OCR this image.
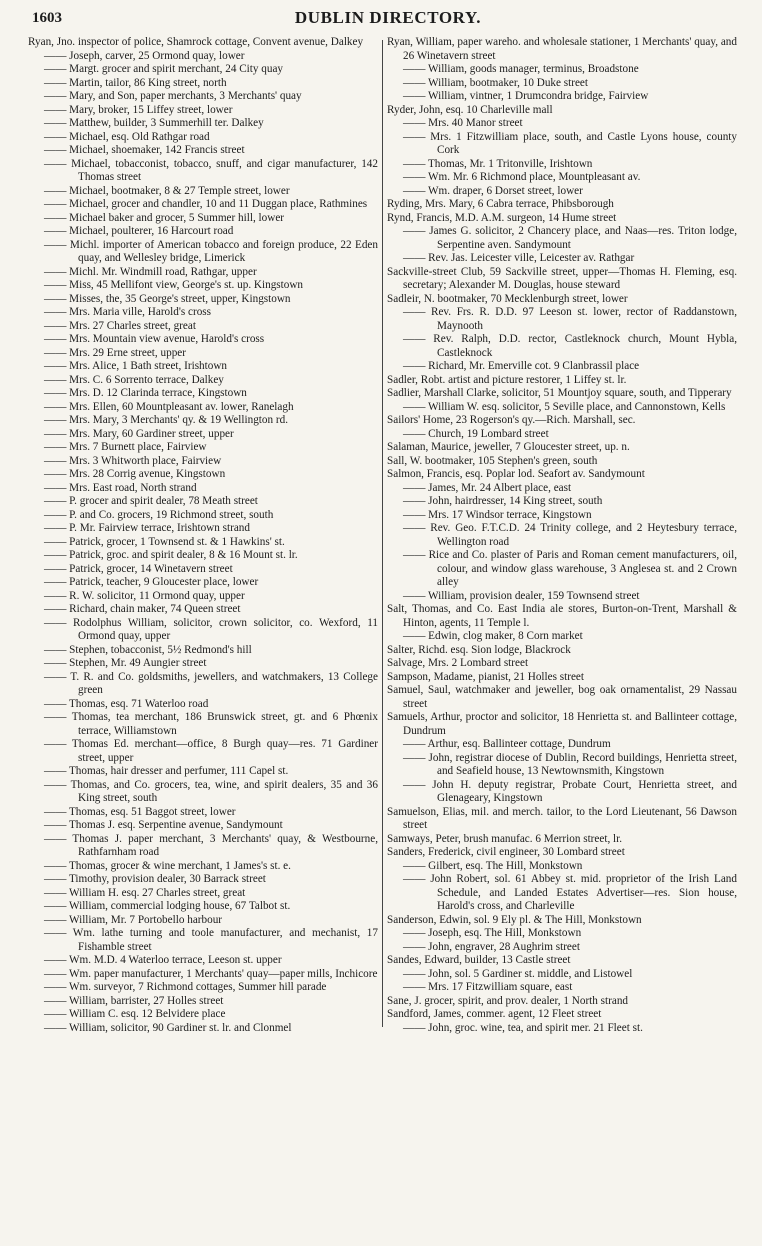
1603	DUBLIN DIRECTORY.
Ryan, Jno. inspector of police, Shamrock cottage, Convent avenue, Dalkey
—— Joseph, carver, 25 Ormond quay, lower
—— Margt. grocer and spirit merchant, 24 City quay
—— Martin, tailor, 86 King street, north
—— Mary, and Son, paper merchants, 3 Merchants' quay
—— Mary, broker, 15 Liffey street, lower
—— Matthew, builder, 3 Summerhill ter. Dalkey
—— Michael, esq. Old Rathgar road
—— Michael, shoemaker, 142 Francis street
—— Michael, tobacconist, tobacco, snuff, and cigar manufacturer, 142 Thomas street
—— Michael, bootmaker, 8 & 27 Temple street, lower
—— Michael, grocer and chandler, 10 and 11 Duggan place, Rathmines
—— Michael baker and grocer, 5 Summer hill, lower
—— Michael, poulterer, 16 Harcourt road
—— Michl. importer of American tobacco and foreign produce, 22 Eden quay, and Wellesley bridge, Limerick
—— Michl. Mr. Windmill road, Rathgar, upper
—— Miss, 45 Mellifont view, George's st. up. Kingstown
—— Misses, the, 35 George's street, upper, Kingstown
—— Mrs. Maria ville, Harold's cross
—— Mrs. 27 Charles street, great
—— Mrs. Mountain view avenue, Harold's cross
—— Mrs. 29 Erne street, upper
—— Mrs. Alice, 1 Bath street, Irishtown
—— Mrs. C. 6 Sorrento terrace, Dalkey
—— Mrs. D. 12 Clarinda terrace, Kingstown
—— Mrs. Ellen, 60 Mountpleasant av. lower, Ranelagh
—— Mrs. Mary, 3 Merchants' qy. & 19 Wellington rd.
—— Mrs. Mary, 60 Gardiner street, upper
—— Mrs. 7 Burnett place, Fairview
—— Mrs. 3 Whitworth place, Fairview
—— Mrs. 28 Corrig avenue, Kingstown
—— Mrs. East road, North strand
—— P. grocer and spirit dealer, 78 Meath street
—— P. and Co. grocers, 19 Richmond street, south
—— P. Mr. Fairview terrace, Irishtown strand
—— Patrick, grocer, 1 Townsend st. & 1 Hawkins' st.
—— Patrick, groc. and spirit dealer, 8 & 16 Mount st. lr.
—— Patrick, grocer, 14 Winetavern street
—— Patrick, teacher, 9 Gloucester place, lower
—— R. W. solicitor, 11 Ormond quay, upper
—— Richard, chain maker, 74 Queen street
—— Rodolphus William, solicitor, crown solicitor, co. Wexford, 11 Ormond quay, upper
—— Stephen, tobacconist, 5½ Redmond's hill
—— Stephen, Mr. 49 Aungier street
—— T. R. and Co. goldsmiths, jewellers, and watchmakers, 13 College green
—— Thomas, esq. 71 Waterloo road
—— Thomas, tea merchant, 186 Brunswick street, gt. and 6 Phœnix terrace, Williamstown
—— Thomas Ed. merchant—office, 8 Burgh quay—res. 71 Gardiner street, upper
—— Thomas, hair dresser and perfumer, 111 Capel st.
—— Thomas, and Co. grocers, tea, wine, and spirit dealers, 35 and 36 King street, south
—— Thomas, esq. 51 Baggot street, lower
—— Thomas J. esq. Serpentine avenue, Sandymount
—— Thomas J. paper merchant, 3 Merchants' quay, & Westbourne, Rathfarnham road
—— Thomas, grocer & wine merchant, 1 James's st. e.
—— Timothy, provision dealer, 30 Barrack street
—— William H. esq. 27 Charles street, great
—— William, commercial lodging house, 67 Talbot st.
—— William, Mr. 7 Portobello harbour
—— Wm. lathe turning and toole manufacturer, and mechanist, 17 Fishamble street
—— Wm. M.D. 4 Waterloo terrace, Leeson st. upper
—— Wm. paper manufacturer, 1 Merchants' quay—paper mills, Inchicore
—— Wm. surveyor, 7 Richmond cottages, Summer hill parade
—— William, barrister, 27 Holles street
—— William C. esq. 12 Belvidere place
—— William, solicitor, 90 Gardiner st. lr. and Clonmel
Ryan, William, paper wareho. and wholesale stationer, 1 Merchants' quay, and 26 Winetavern street
—— William, goods manager, terminus, Broadstone
—— William, bootmaker, 10 Duke street
—— William, vintner, 1 Drumcondra bridge, Fairview
Ryder, John, esq. 10 Charleville mall
—— Mrs. 40 Manor street
—— Mrs. 1 Fitzwilliam place, south, and Castle Lyons house, county Cork
—— Thomas, Mr. 1 Tritonville, Irishtown
—— Wm. Mr. 6 Richmond place, Mountpleasant av.
—— Wm. draper, 6 Dorset street, lower
Ryding, Mrs. Mary, 6 Cabra terrace, Phibsborough
Rynd, Francis, M.D. A.M. surgeon, 14 Hume street
—— James G. solicitor, 2 Chancery place, and Naas—res. Triton lodge, Serpentine aven. Sandymount
—— Rev. Jas. Leicester ville, Leicester av. Rathgar
Sackville-street Club, 59 Sackville street, upper—Thomas H. Fleming, esq. secretary; Alexander M. Douglas, house steward
Sadleir, N. bootmaker, 70 Mecklenburgh street, lower
—— Rev. Frs. R. D.D. 97 Leeson st. lower, rector of Raddanstown, Maynooth
—— Rev. Ralph, D.D. rector, Castleknock church, Mount Hybla, Castleknock
—— Richard, Mr. Emerville cot. 9 Clanbrassil place
Sadler, Robt. artist and picture restorer, 1 Liffey st. lr.
Sadlier, Marshall Clarke, solicitor, 51 Mountjoy square, south, and Tipperary
—— William W. esq. solicitor, 5 Seville place, and Cannonstown, Kells
Sailors' Home, 23 Rogerson's qy.—Rich. Marshall, sec.
—— Church, 19 Lombard street
Salaman, Maurice, jeweller, 7 Gloucester street, up. n.
Sall, W. bootmaker, 105 Stephen's green, south
Salmon, Francis, esq. Poplar lod. Seafort av. Sandymount
—— James, Mr. 24 Albert place, east
—— John, hairdresser, 14 King street, south
—— Mrs. 17 Windsor terrace, Kingstown
—— Rev. Geo. F.T.C.D. 24 Trinity college, and 2 Heytesbury terrace, Wellington road
—— Rice and Co. plaster of Paris and Roman cement manufacturers, oil, colour, and window glass warehouse, 3 Anglesea st. and 2 Crown alley
—— William, provision dealer, 159 Townsend street
Salt, Thomas, and Co. East India ale stores, Burton-on-Trent, Marshall & Hinton, agents, 11 Temple l.
—— Edwin, clog maker, 8 Corn market
Salter, Richd. esq. Sion lodge, Blackrock
Salvage, Mrs. 2 Lombard street
Sampson, Madame, pianist, 21 Holles street
Samuel, Saul, watchmaker and jeweller, bog oak ornamentalist, 29 Nassau street
Samuels, Arthur, proctor and solicitor, 18 Henrietta st. and Ballinteer cottage, Dundrum
—— Arthur, esq. Ballinteer cottage, Dundrum
—— John, registrar diocese of Dublin, Record buildings, Henrietta street, and Seafield house, 13 Newtownsmith, Kingstown
—— John H. deputy registrar, Probate Court, Henrietta street, and Glenageary, Kingstown
Samuelson, Elias, mil. and merch. tailor, to the Lord Lieutenant, 56 Dawson street
Samways, Peter, brush manufac. 6 Merrion street, lr.
Sanders, Frederick, civil engineer, 30 Lombard street
—— Gilbert, esq. The Hill, Monkstown
—— John Robert, sol. 61 Abbey st. mid. proprietor of the Irish Land Schedule, and Landed Estates Advertiser—res. Sion house, Harold's cross, and Charleville
Sanderson, Edwin, sol. 9 Ely pl. & The Hill, Monkstown
—— Joseph, esq. The Hill, Monkstown
—— John, engraver, 28 Aughrim street
Sandes, Edward, builder, 13 Castle street
—— John, sol. 5 Gardiner st. middle, and Listowel
—— Mrs. 17 Fitzwilliam square, east
Sane, J. grocer, spirit, and prov. dealer, 1 North strand
Sandford, James, commer. agent, 12 Fleet street
—— John, groc. wine, tea, and spirit mer. 21 Fleet st.
